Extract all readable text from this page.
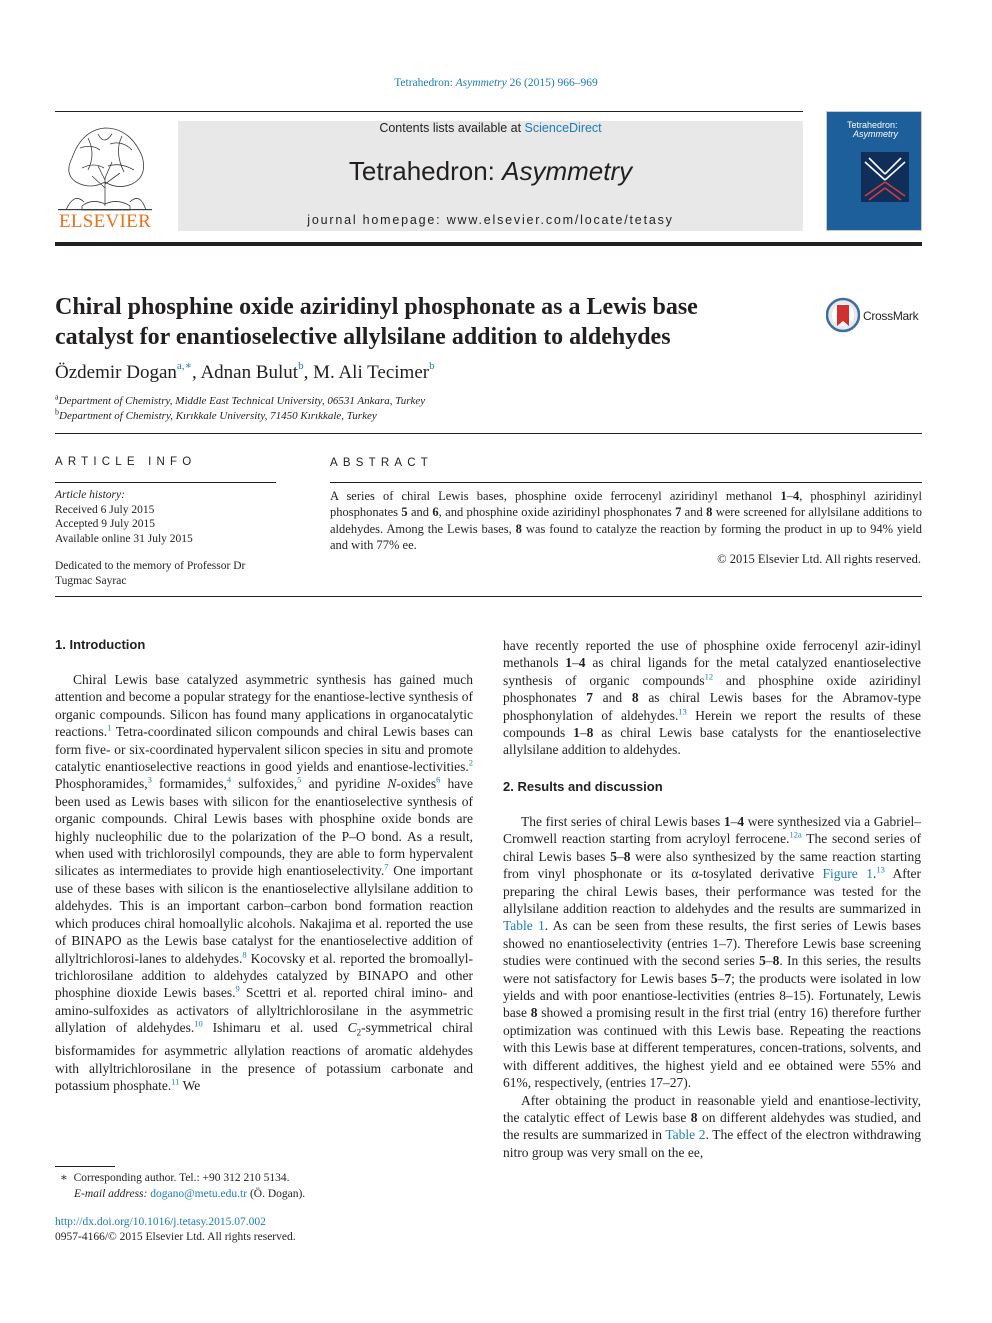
Tetrahedron: Asymmetry 26 (2015) 966–969
ELSEVIER
Contents lists available at ScienceDirect
Tetrahedron: Asymmetry
journal homepage: www.elsevier.com/locate/tetasy
Tetrahedron:
Asymmetry
Chiral phosphine oxide aziridinyl phosphonate as a Lewis base
catalyst for enantioselective allylsilane addition to aldehydes
CrossMark
Özdemir Dogan$^{a,∗}$, Adnan Bulut$^b$, M. Ali Tecimer$^b$
$^a$Department of Chemistry, Middle East Technical University, 06531 Ankara, Turkey
$^b$Department of Chemistry, Kırıkkale University, 71450 Kırıkkale, Turkey
ARTICLE INFO	ABSTRACT
Article history:
Received 6 July 2015
Accepted 9 July 2015
Available online 31 July 2015
Dedicated to the memory of Professor Dr Tugmac Sayrac
A series of chiral Lewis bases, phosphine oxide ferrocenyl aziridinyl methanol 1–4, phosphinyl aziridinyl phosphonates 5 and 6, and phosphine oxide aziridinyl phosphonates 7 and 8 were screened for allylsilane additions to aldehydes. Among the Lewis bases, 8 was found to catalyze the reaction by forming the product in up to 94% yield and with 77% ee.
© 2015 Elsevier Ltd. All rights reserved.
1. Introduction

Chiral Lewis base catalyzed asymmetric synthesis has gained much attention and become a popular strategy for the enantiose-lective synthesis of organic compounds. Silicon has found many applications in organocatalytic reactions.$^1$ Tetra-coordinated silicon compounds and chiral Lewis bases can form five- or six-coordinated hypervalent silicon species in situ and promote catalytic enantioselective reactions in good yields and enantiose-lectivities.$^2$ Phosphoramides,$^3$ formamides,$^4$ sulfoxides,$^5$ and pyridine N-oxides$^6$ have been used as Lewis bases with silicon for the enantioselective synthesis of organic compounds. Chiral Lewis bases with phosphine oxide bonds are highly nucleophilic due to the polarization of the P–O bond. As a result, when used with trichlorosilyl compounds, they are able to form hypervalent silicates as intermediates to provide high enantioselectivity.$^7$ One important use of these bases with silicon is the enantioselective allylsilane addition to aldehydes. This is an important carbon–carbon bond formation reaction which produces chiral homoallylic alcohols. Nakajima et al. reported the use of BINAPO as the Lewis base catalyst for the enantioselective addition of allyltrichlorosi-lanes to aldehydes.$^8$ Kocovsky et al. reported the bromoallyl-trichlorosilane addition to aldehydes catalyzed by BINAPO and other phosphine dioxide Lewis bases.$^9$ Scettri et al. reported chiral imino- and amino-sulfoxides as activators of allyltrichlorosilane in the asymmetric allylation of aldehydes.$^{10}$ Ishimaru et al. used $C_2$-symmetrical chiral bisformamides for asymmetric allylation reactions of aromatic aldehydes with allyltrichlorosilane in the presence of potassium carbonate and potassium phosphate.$^{11}$ We

have recently reported the use of phosphine oxide ferrocenyl azir-idinyl methanols 1–4 as chiral ligands for the metal catalyzed enantioselective synthesis of organic compounds$^{12}$ and phosphine oxide aziridinyl phosphonates 7 and 8 as chiral Lewis bases for the Abramov-type phosphonylation of aldehydes.$^{13}$ Herein we report the results of these compounds 1–8 as chiral Lewis base catalysts for the enantioselective allylsilane addition to aldehydes.

2. Results and discussion

The first series of chiral Lewis bases 1–4 were synthesized via a Gabriel–Cromwell reaction starting from acryloyl ferrocene.$^{12a}$ The second series of chiral Lewis bases 5–8 were also synthesized by the same reaction starting from vinyl phosphonate or its α-tosylated derivative Figure 1.13 After preparing the chiral Lewis bases, their performance was tested for the allylsilane addition reaction to aldehydes and the results are summarized in Table 1. As can be seen from these results, the first series of Lewis bases showed no enantioselectivity (entries 1–7). Therefore Lewis base screening studies were continued with the second series 5–8. In this series, the results were not satisfactory for Lewis bases 5–7; the products were isolated in low yields and with poor enantiose-lectivities (entries 8–15). Fortunately, Lewis base 8 showed a promising result in the first trial (entry 16) therefore further optimization was continued with this Lewis base. Repeating the reactions with this Lewis base at different temperatures, concen-trations, solvents, and with different additives, the highest yield and ee obtained were 55% and 61%, respectively, (entries 17–27).

After obtaining the product in reasonable yield and enantiose-lectivity, the catalytic effect of Lewis base 8 on different aldehydes was studied, and the results are summarized in Table 2. The effect of the electron withdrawing nitro group was very small on the ee,

∗ Corresponding author. Tel.: +90 312 210 5134.
E-mail address: dogano@metu.edu.tr (Ö. Dogan).
http://dx.doi.org/10.1016/j.tetasy.2015.07.002
0957-4166/© 2015 Elsevier Ltd. All rights reserved.
